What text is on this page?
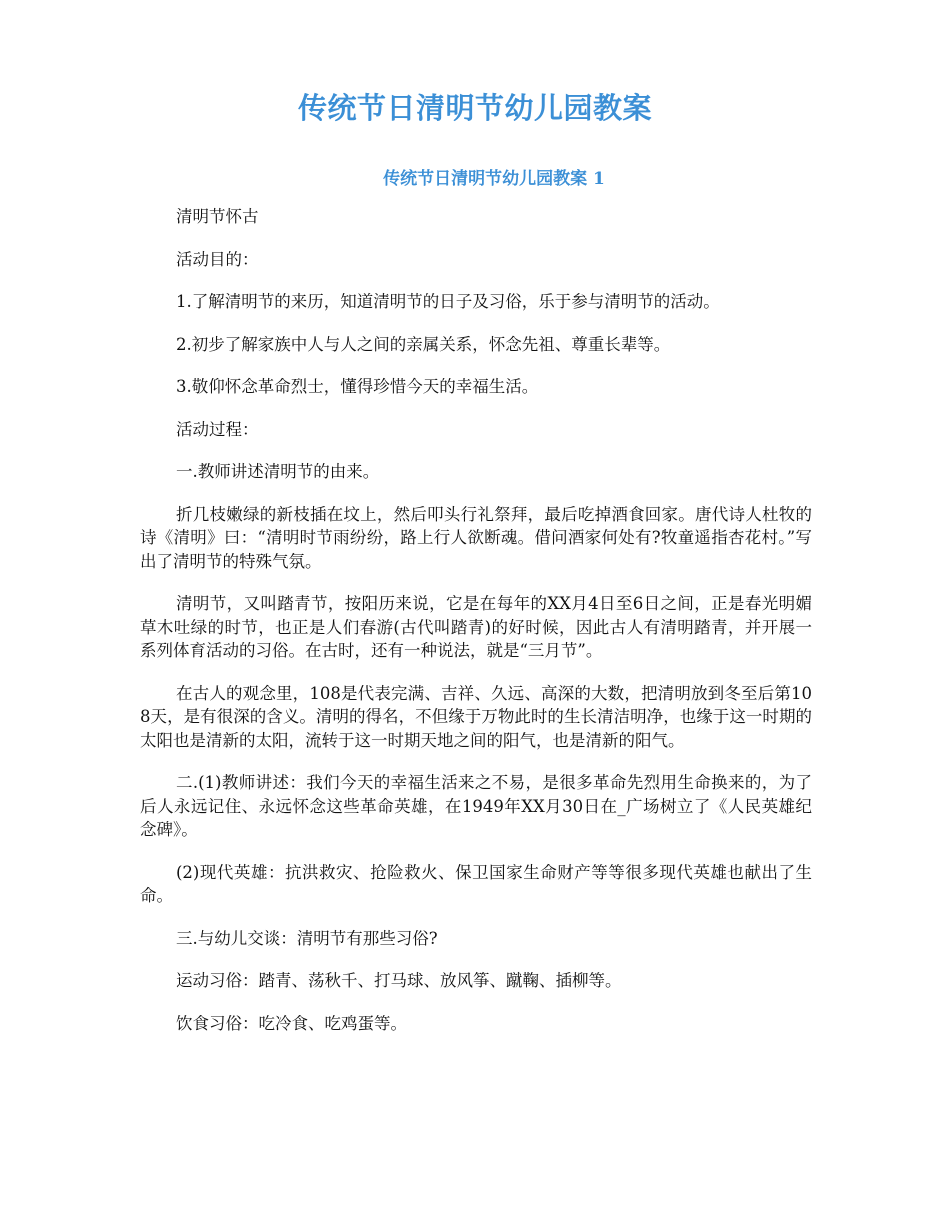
传统节日清明节幼儿园教案
传统节日清明节幼儿园教案 1

清明节怀古

活动目的：

1.了解清明节的来历，知道清明节的日子及习俗，乐于参与清明节的活动。

2.初步了解家族中人与人之间的亲属关系，怀念先祖、尊重长辈等。

3.敬仰怀念革命烈士，懂得珍惜今天的幸福生活。

活动过程：

一.教师讲述清明节的由来。

折几枝嫩绿的新枝插在坟上，然后叩头行礼祭拜，最后吃掉酒食回家。唐代诗人杜牧的诗《清明》曰：“清明时节雨纷纷，路上行人欲断魂。借问酒家何处有?牧童遥指杏花村。”写出了清明节的特殊气氛。

清明节，又叫踏青节，按阳历来说，它是在每年的XX月4日至6日之间，正是春光明媚草木吐绿的时节，也正是人们春游(古代叫踏青)的好时候，因此古人有清明踏青，并开展一系列体育活动的习俗。在古时，还有一种说法，就是“三月节”。

在古人的观念里，108是代表完满、吉祥、久远、高深的大数，把清明放到冬至后第108天，是有很深的含义。清明的得名，不但缘于万物此时的生长清洁明净，也缘于这一时期的太阳也是清新的太阳，流转于这一时期天地之间的阳气，也是清新的阳气。

二.(1)教师讲述：我们今天的幸福生活来之不易，是很多革命先烈用生命换来的，为了后人永远记住、永远怀念这些革命英雄，在1949年XX月30日在_广场树立了《人民英雄纪念碑》。

(2)现代英雄：抗洪救灾、抢险救火、保卫国家生命财产等等很多现代英雄也献出了生命。

三.与幼儿交谈：清明节有那些习俗?

运动习俗：踏青、荡秋千、打马球、放风筝、蹴鞠、插柳等。

饮食习俗：吃冷食、吃鸡蛋等。
